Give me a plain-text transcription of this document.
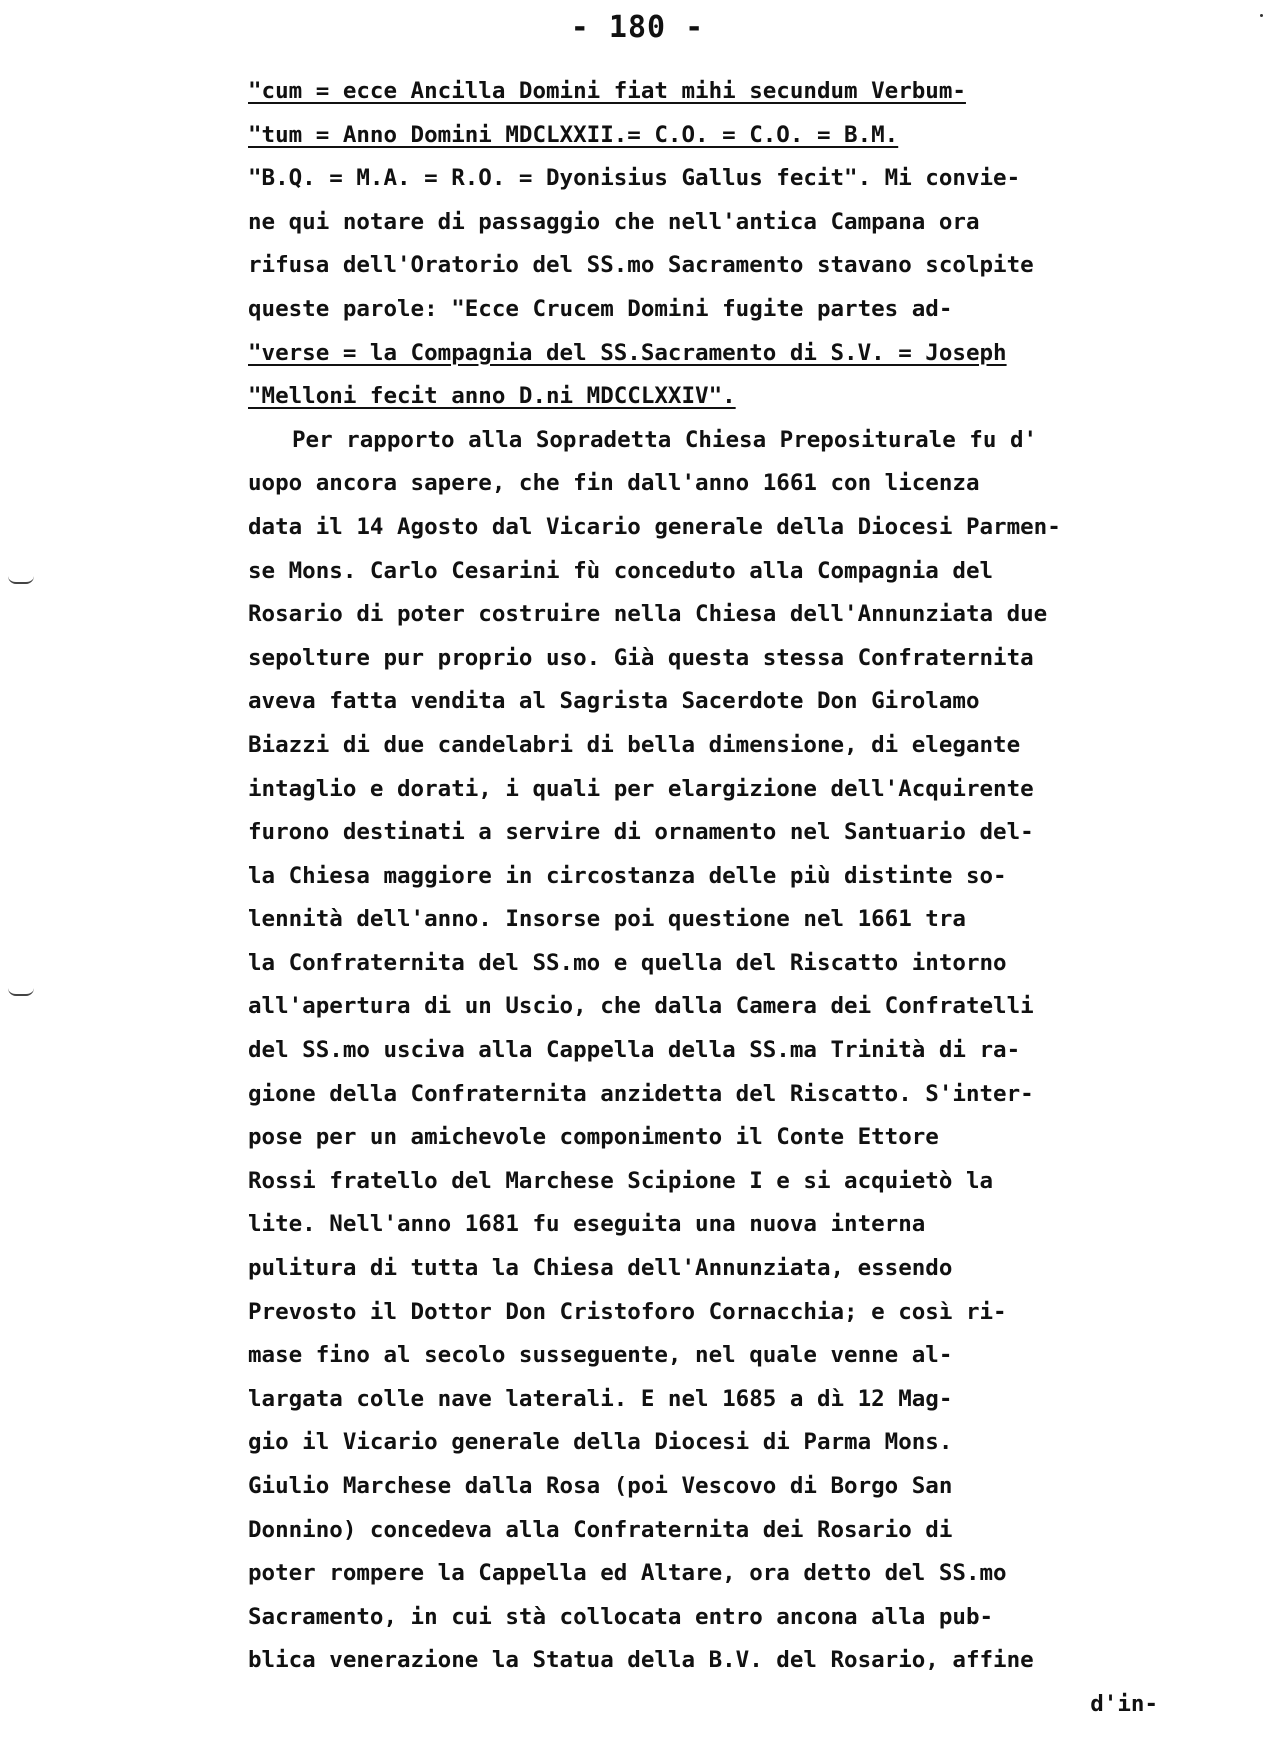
- 180 -
"cum = ecce Ancilla Domini fiat mihi secundum Verbum-
"tum = Anno Domini MDCLXXII.= C.O. = C.O. = B.M.
"B.Q. = M.A. = R.O. = Dyonisius Gallus fecit". Mi convie-
ne qui notare di passaggio che nell'antica Campana ora
rifusa dell'Oratorio del SS.mo Sacramento stavano scolpite
queste parole: "Ecce Crucem Domini fugite partes ad-
"verse = la Compagnia del SS.Sacramento di S.V. = Joseph
"Melloni fecit anno D.ni MDCCLXXIV".
Per rapporto alla Sopradetta Chiesa Prepositurale fu d'
uopo ancora sapere, che fin dall'anno 1661 con licenza
data il 14 Agosto dal Vicario generale della Diocesi Parmen-
se Mons. Carlo Cesarini fù conceduto alla Compagnia del
Rosario di poter costruire nella Chiesa dell'Annunziata due
sepolture pur proprio uso. Già questa stessa Confraternita
aveva fatta vendita al Sagrista Sacerdote Don Girolamo
Biazzi di due candelabri di bella dimensione, di elegante
intaglio e dorati, i quali per elargizione dell'Acquirente
furono destinati a servire di ornamento nel Santuario del-
la Chiesa maggiore in circostanza delle più distinte so-
lennità dell'anno. Insorse poi questione nel 1661 tra
la Confraternita del SS.mo e quella del Riscatto intorno
all'apertura di un Uscio, che dalla Camera dei Confratelli
del SS.mo usciva alla Cappella della SS.ma Trinità di ra-
gione della Confraternita anzidetta del Riscatto. S'inter-
pose per un amichevole componimento il Conte Ettore
Rossi fratello del Marchese Scipione I e si acquietò la
lite. Nell'anno 1681 fu eseguita una nuova interna
pulitura di tutta la Chiesa dell'Annunziata, essendo
Prevosto il Dottor Don Cristoforo Cornacchia; e così ri-
mase fino al secolo susseguente, nel quale venne al-
largata colle nave laterali. E nel 1685 a dì 12 Mag-
gio il Vicario generale della Diocesi di Parma Mons.
Giulio Marchese dalla Rosa (poi Vescovo di Borgo San
Donnino) concedeva alla Confraternita dei Rosario di
poter rompere la Cappella ed Altare, ora detto del SS.mo
Sacramento, in cui stà collocata entro ancona alla pub-
blica venerazione la Statua della B.V. del Rosario, affine
d'in-
